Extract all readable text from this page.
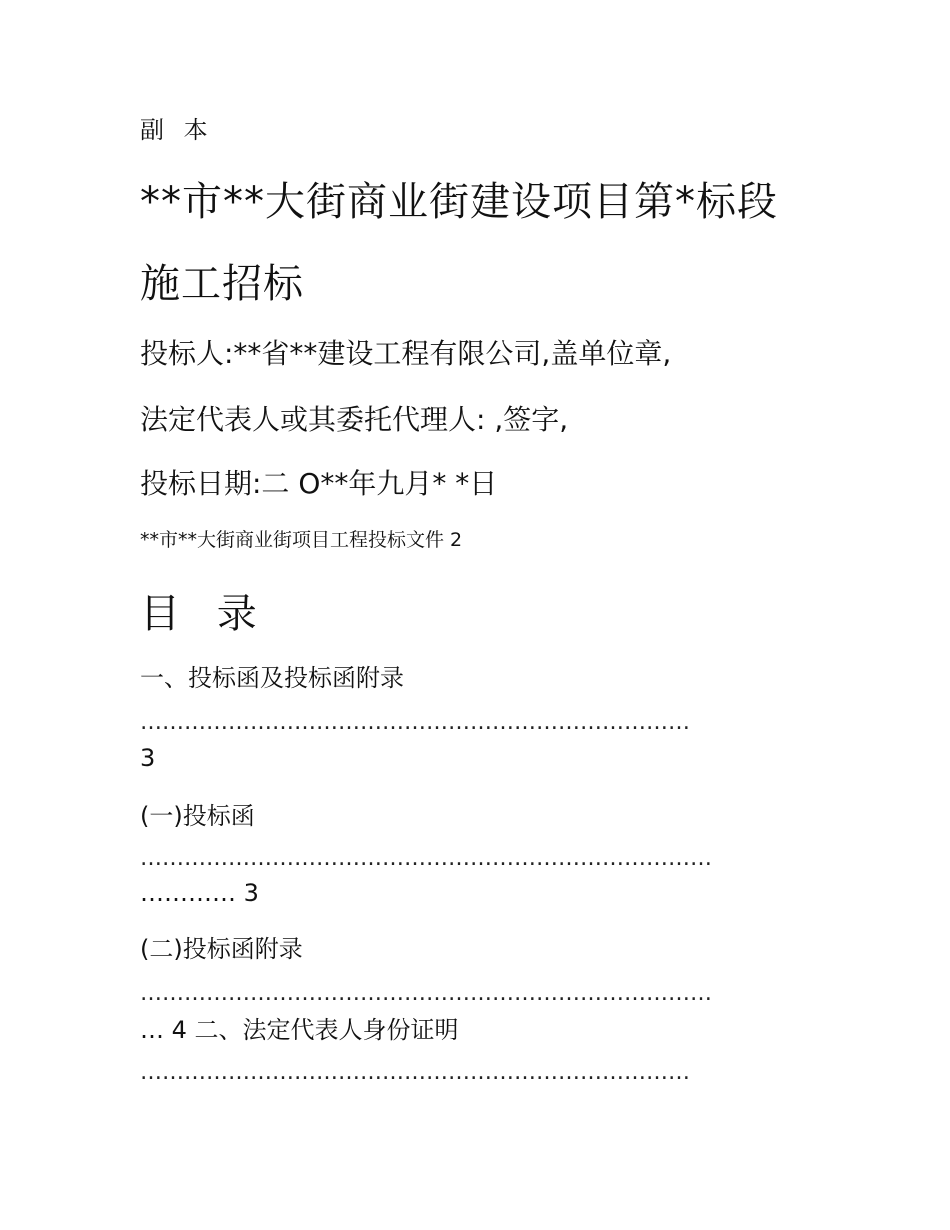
副 本
**市**大街商业街建设项目第*标段
施工招标
投标人:**省**建设工程有限公司,盖单位章,
法定代表人或其委托代理人: ,签字,
投标日期:二 O**年九月* *日
**市**大街商业街项目工程投标文件 2
目 录
一、投标函及投标函附录
…………………………………………………………………
3
(一)投标函
……………………………………………………………………
………… 3
(二)投标函附录
……………………………………………………………………
… 4 二、法定代表人身份证明
…………………………………………………………………
